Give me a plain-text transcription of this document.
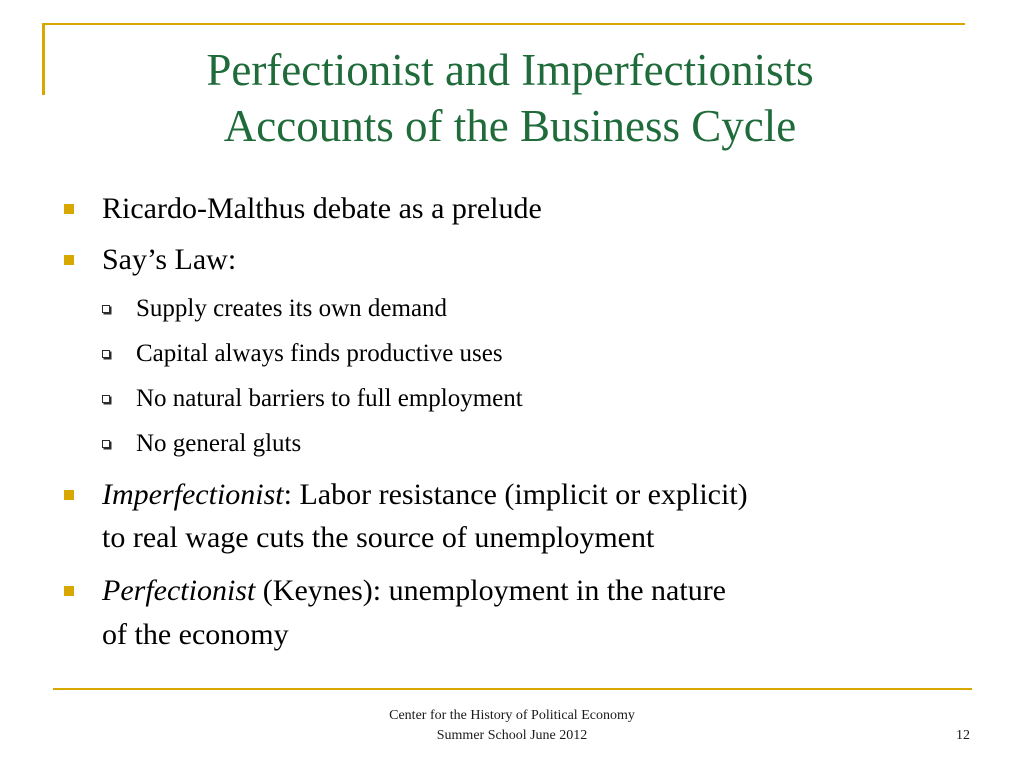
Perfectionist and Imperfectionists
Accounts of the Business Cycle
Ricardo-Malthus debate as a prelude
Say’s Law:
Supply creates its own demand
Capital always finds productive uses
No natural barriers to full employment
No general gluts
Imperfectionist: Labor resistance (implicit or explicit)
to real wage cuts the source of unemployment
Perfectionist (Keynes): unemployment in the nature
of the economy
Center for the History of Political Economy
Summer School June 2012	12
